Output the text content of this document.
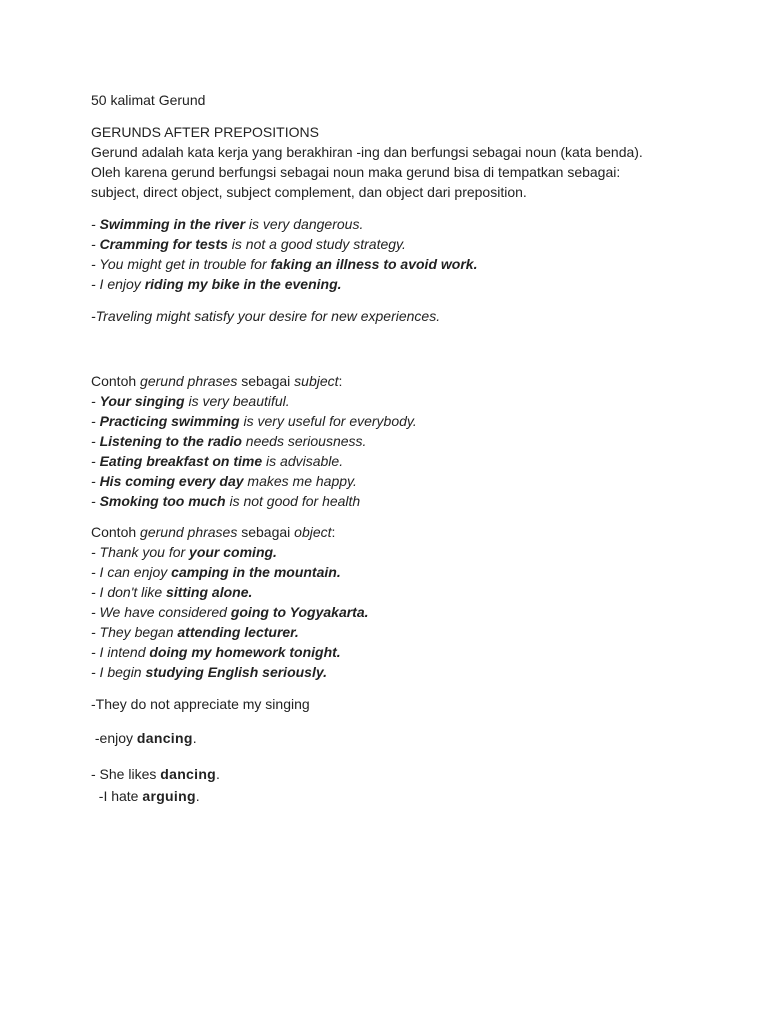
50 kalimat Gerund

GERUNDS AFTER PREPOSITIONS

Gerund adalah kata kerja yang berakhiran -ing dan berfungsi sebagai noun (kata benda). Oleh karena gerund berfungsi sebagai noun maka gerund bisa di tempatkan sebagai: subject, direct object, subject complement, dan object dari preposition.

- Swimming in the river is very dangerous.

- Cramming for tests is not a good study strategy.

- You might get in trouble for faking an illness to avoid work.

- I enjoy riding my bike in the evening.

-Traveling might satisfy your desire for new experiences.

Contoh gerund phrases sebagai subject:

- Your singing is very beautiful.

- Practicing swimming is very useful for everybody.

- Listening to the radio needs seriousness.

- Eating breakfast on time is advisable.

- His coming every day makes me happy.

- Smoking too much is not good for health

Contoh gerund phrases sebagai object:

- Thank you for your coming.

- I can enjoy camping in the mountain.

- I don't like sitting alone.

- We have considered going to Yogyakarta.

- They began attending lecturer.

- I intend doing my homework tonight.

- I begin studying English seriously.

-They do not appreciate my singing

-enjoy dancing.

- She likes dancing.

-I hate arguing.
